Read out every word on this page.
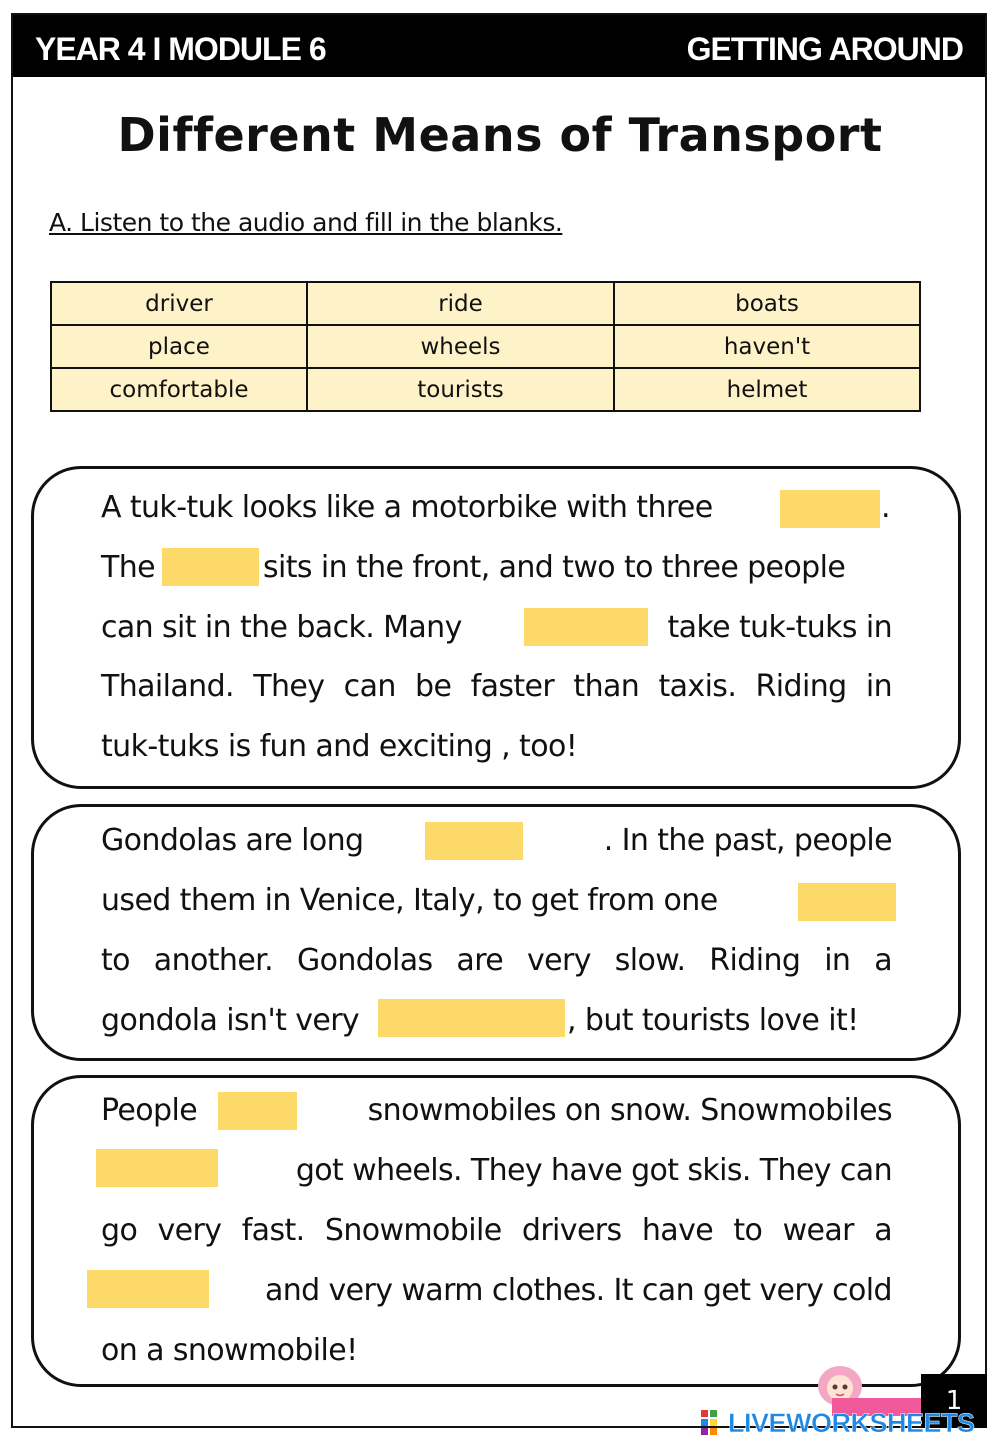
YEAR 4 I MODULE 6	GETTING AROUND
Different Means of Transport
A. Listen to the audio and fill in the blanks.
driver	ride	boats
place	wheels	haven't
comfortable	tourists	helmet
A tuk-tuk looks like a motorbike with three	.
The	sits in the front, and two to three people
can sit in the back. Many	take tuk-tuks in
Thailand. They can be faster than taxis. Riding in
tuk-tuks is fun and exciting , too!
Gondolas are long	. In the past, people
used them in Venice, Italy, to get from one
to another. Gondolas are very slow. Riding in a
gondola isn't very	, but tourists love it!
People	snowmobiles on snow. Snowmobiles
got wheels. They have got skis. They can
go very fast. Snowmobile drivers have to wear a
and very warm clothes. It can get very cold
on a snowmobile!
1
LIVEWORKSHEETS
